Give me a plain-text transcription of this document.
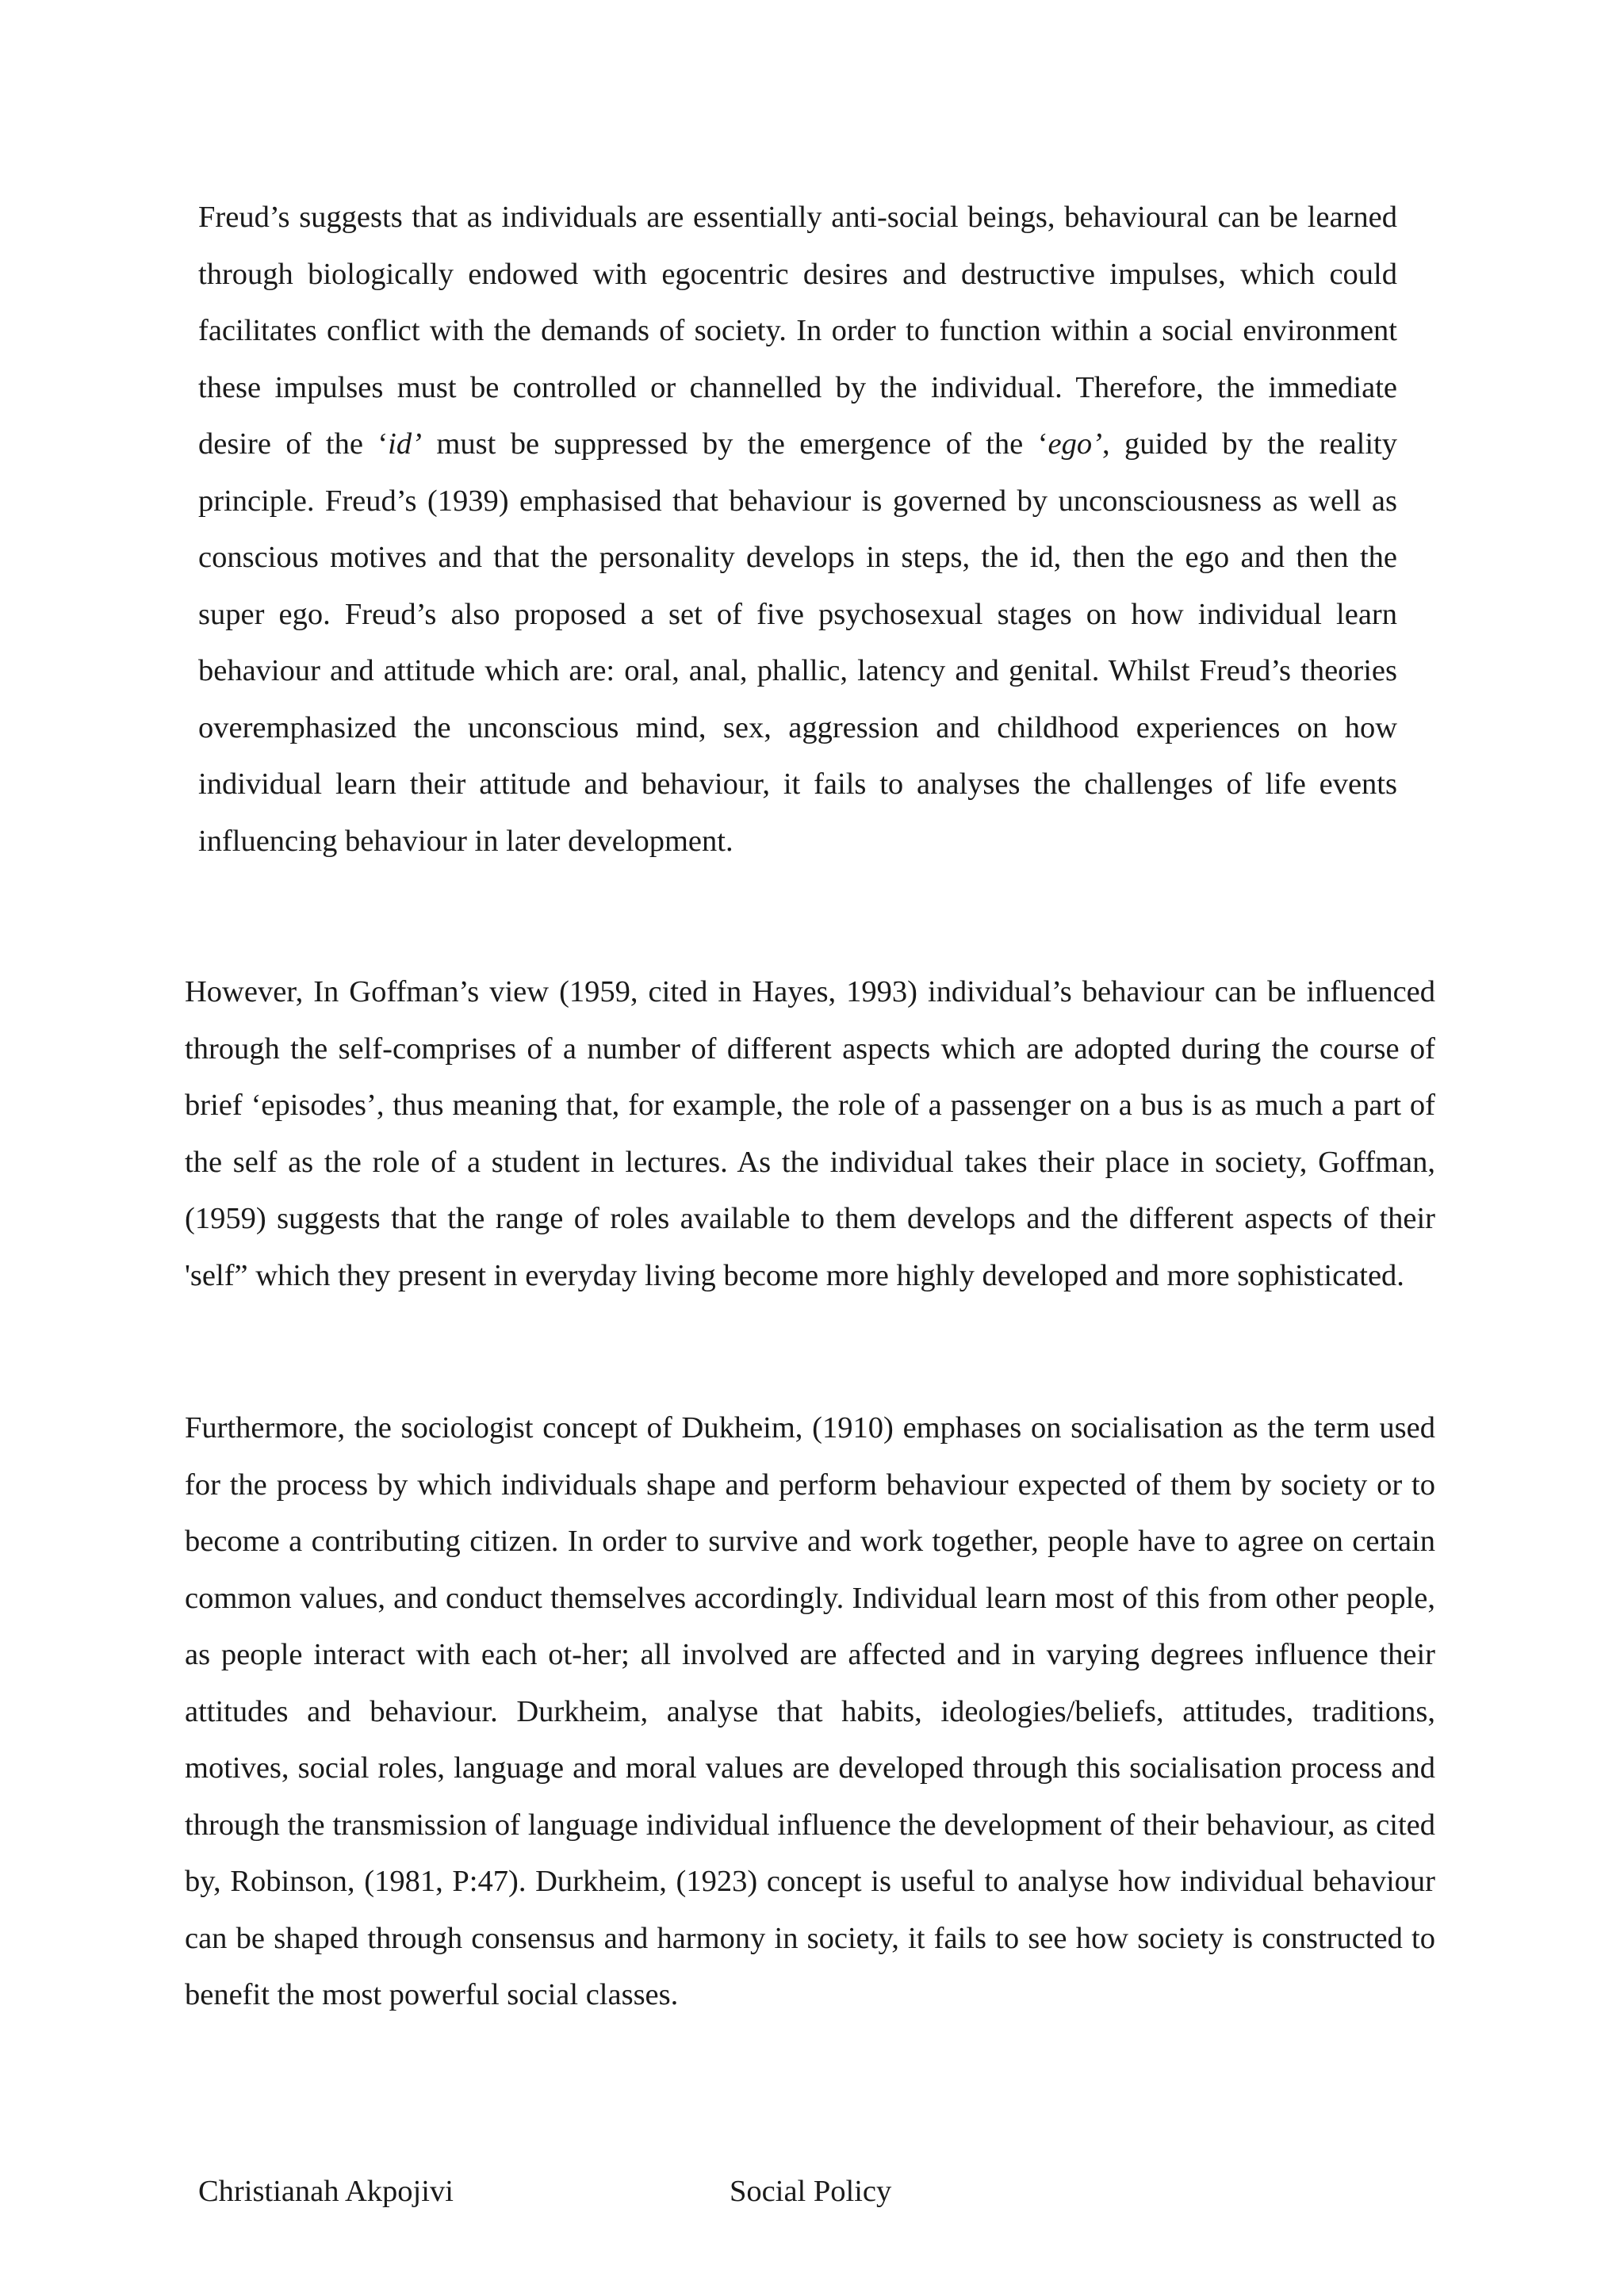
Freud’s suggests that as individuals are essentially anti-social beings, behavioural can be learned through biologically endowed with egocentric desires and destructive impulses, which could facilitates conflict with the demands of society. In order to function within a social environment these impulses must be controlled or channelled by the individual. Therefore, the immediate desire of the ‘id’ must be suppressed by the emergence of the ‘ego’, guided by the reality principle. Freud’s (1939) emphasised that behaviour is governed by unconsciousness as well as conscious motives and that the personality develops in steps, the id, then the ego and then the super ego. Freud’s also proposed a set of five psychosexual stages on how individual learn behaviour and attitude which are: oral, anal, phallic, latency and genital. Whilst Freud’s theories overemphasized the unconscious mind, sex, aggression and childhood experiences on how individual learn their attitude and behaviour, it fails to analyses the challenges of life events influencing behaviour in later development.

However, In Goffman’s view (1959, cited in Hayes, 1993) individual’s behaviour can be influenced through the self-comprises of a number of different aspects which are adopted during the course of brief ‘episodes’, thus meaning that, for example, the role of a passenger on a bus is as much a part of the self as the role of a student in lectures. As the individual takes their place in society, Goffman, (1959) suggests that the range of roles available to them develops and the different aspects of their 'self” which they present in everyday living become more highly developed and more sophisticated.

Furthermore, the sociologist concept of Dukheim, (1910) emphases on socialisation as the term used for the process by which individuals shape and perform behaviour expected of them by society or to become a contributing citizen. In order to survive and work together, people have to agree on certain common values, and conduct themselves accordingly. Individual learn most of this from other people, as people interact with each ot-her; all involved are affected and in varying degrees influence their attitudes and behaviour. Durkheim, analyse that habits, ideologies/beliefs, attitudes, traditions, motives, social roles, language and moral values are developed through this socialisation process and through the transmission of language individual influence the development of their behaviour, as cited by, Robinson, (1981, P:47). Durkheim, (1923) concept is useful to analyse how individual behaviour can be shaped through consensus and harmony in society, it fails to see how society is constructed to benefit the most powerful social classes.

Christianah Akpojivi	Social Policy
